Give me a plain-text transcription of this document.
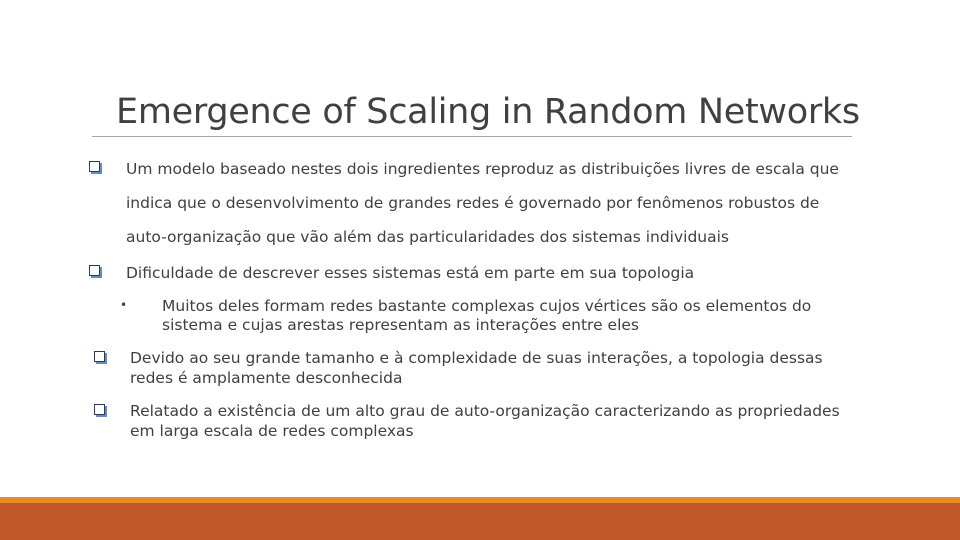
Emergence of Scaling in Random Networks
Um modelo baseado nestes dois ingredientes reproduz as distribuições livres de escala que
indica que o desenvolvimento de grandes redes é governado por fenômenos robustos de
auto-organização que vão além das particularidades dos sistemas individuais
Dificuldade de descrever esses sistemas está em parte em sua topologia
• Muitos deles formam redes bastante complexas cujos vértices são os elementos do
sistema e cujas arestas representam as interações entre eles
Devido ao seu grande tamanho e à complexidade de suas interações, a topologia dessas
redes é amplamente desconhecida
Relatado a existência de um alto grau de auto-organização caracterizando as propriedades
em larga escala de redes complexas
